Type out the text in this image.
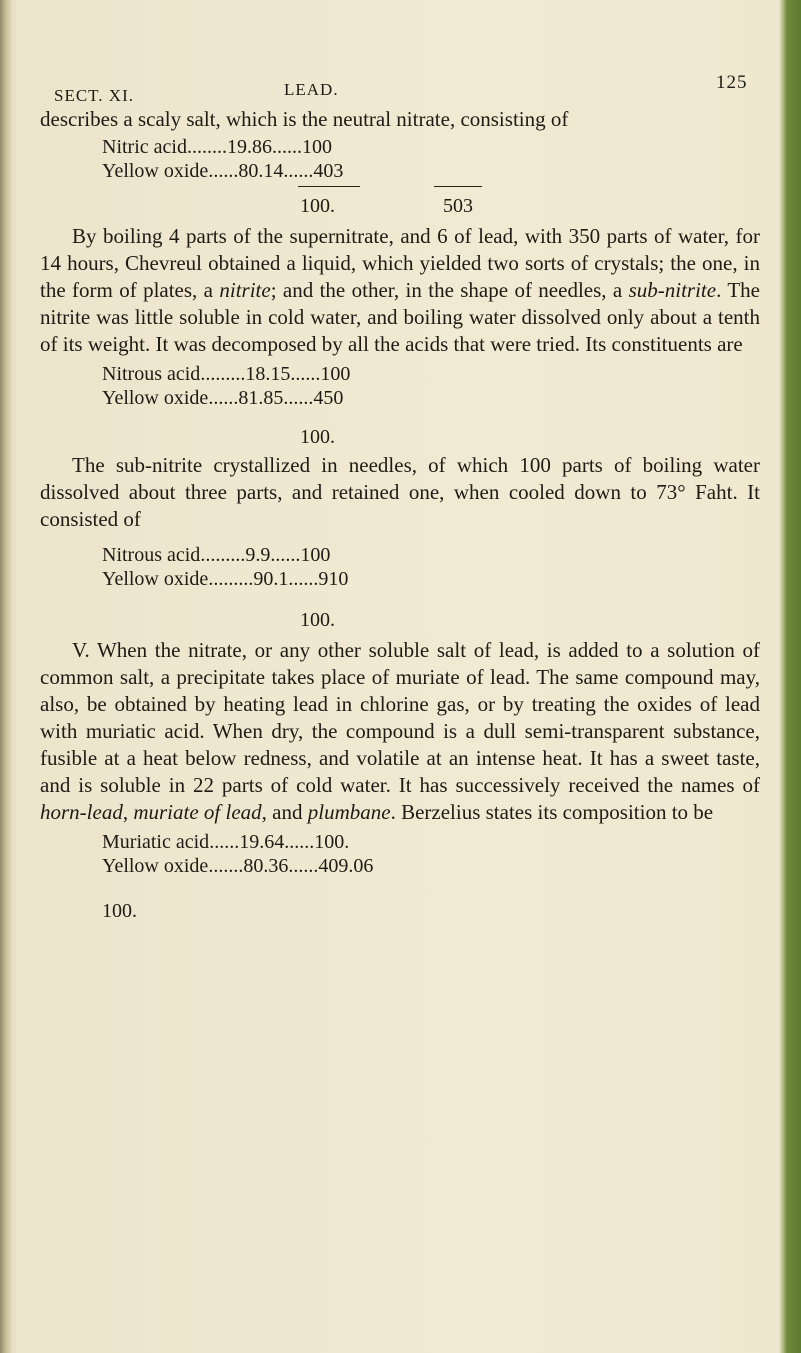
SECT. XI.	LEAD.	125

describes a scaly salt, which is the neutral nitrate, consisting of

Nitric acid........19.86......100
Yellow oxide......80.14......403
100.	503

By boiling 4 parts of the supernitrate, and 6 of lead, with 350 parts of water, for 14 hours, Chevreul obtained a liquid, which yielded two sorts of crystals; the one, in the form of plates, a nitrite; and the other, in the shape of needles, a sub-nitrite. The nitrite was little soluble in cold water, and boiling water dissolved only about a tenth of its weight. It was decomposed by all the acids that were tried. Its constituents are

Nitrous acid.........18.15......100
Yellow oxide......81.85......450
100.

The sub-nitrite crystallized in needles, of which 100 parts of boiling water dissolved about three parts, and retained one, when cooled down to 73° Faht. It consisted of

Nitrous acid.........9.9......100
Yellow oxide.........90.1......910
100.

V. When the nitrate, or any other soluble salt of lead, is added to a solution of common salt, a precipitate takes place of muriate of lead. The same compound may, also, be obtained by heating lead in chlorine gas, or by treating the oxides of lead with muriatic acid. When dry, the compound is a dull semi-transparent substance, fusible at a heat below redness, and volatile at an intense heat. It has a sweet taste, and is soluble in 22 parts of cold water. It has successively received the names of horn-lead, muriate of lead, and plumbane. Berzelius states its composition to be

Muriatic acid......19.64......100.
Yellow oxide.......80.36......409.06
100.
